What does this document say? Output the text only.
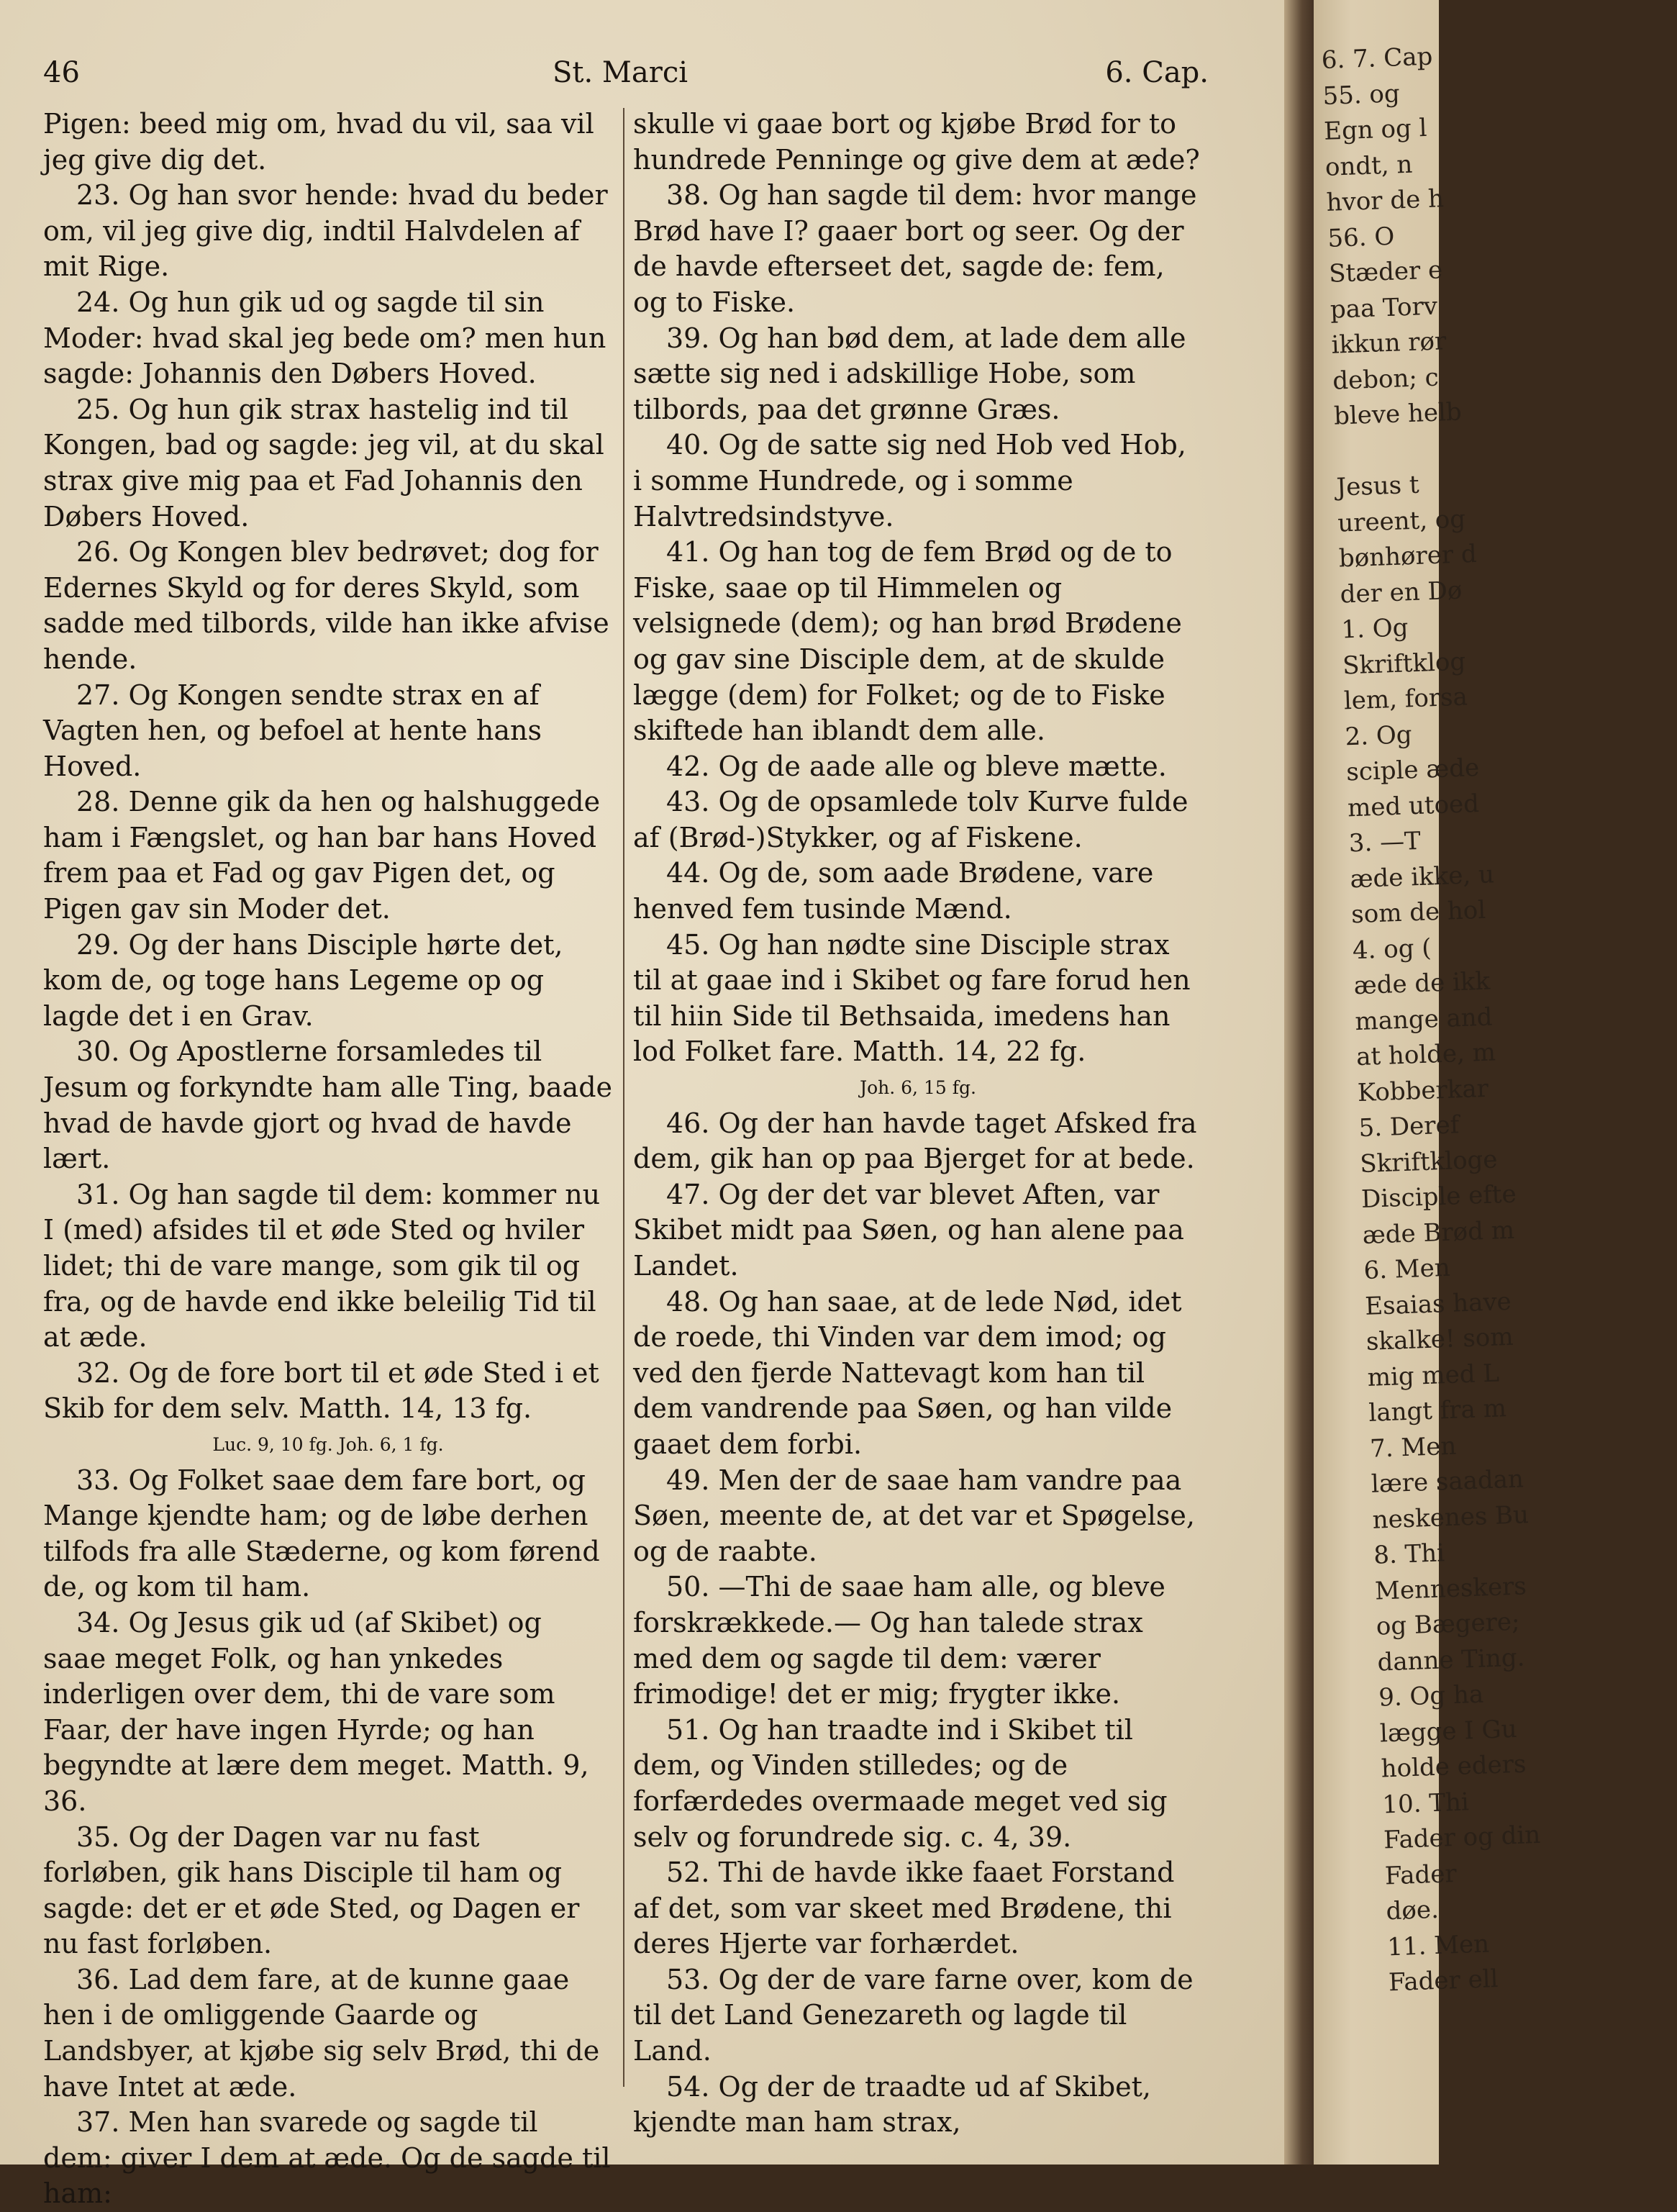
46	St. Marci	6. Cap.

Pigen: beed mig om, hvad du vil, saa vil jeg give dig det.

23. Og han svor hende: hvad du beder om, vil jeg give dig, indtil Halvdelen af mit Rige.

24. Og hun gik ud og sagde til sin Moder: hvad skal jeg bede om? men hun sagde: Johannis den Døbers Hoved.

25. Og hun gik strax hastelig ind til Kongen, bad og sagde: jeg vil, at du skal strax give mig paa et Fad Johannis den Døbers Hoved.

26. Og Kongen blev bedrøvet; dog for Edernes Skyld og for deres Skyld, som sadde med tilbords, vilde han ikke afvise hende.

27. Og Kongen sendte strax en af Vagten hen, og befoel at hente hans Hoved.

28. Denne gik da hen og halshuggede ham i Fængslet, og han bar hans Hoved frem paa et Fad og gav Pigen det, og Pigen gav sin Moder det.

29. Og der hans Disciple hørte det, kom de, og toge hans Legeme op og lagde det i en Grav.

30. Og Apostlerne forsamledes til Jesum og forkyndte ham alle Ting, baade hvad de havde gjort og hvad de havde lært.

31. Og han sagde til dem: kommer nu I (med) afsides til et øde Sted og hviler lidet; thi de vare mange, som gik til og fra, og de havde end ikke beleilig Tid til at æde.

32. Og de fore bort til et øde Sted i et Skib for dem selv. Matth. 14, 13 fg.

Luc. 9, 10 fg. Joh. 6, 1 fg.

33. Og Folket saae dem fare bort, og Mange kjendte ham; og de løbe derhen tilfods fra alle Stæderne, og kom førend de, og kom til ham.

34. Og Jesus gik ud (af Skibet) og saae meget Folk, og han ynkedes inderligen over dem, thi de vare som Faar, der have ingen Hyrde; og han begyndte at lære dem meget. Matth. 9, 36.

35. Og der Dagen var nu fast forløben, gik hans Disciple til ham og sagde: det er et øde Sted, og Dagen er nu fast forløben.

36. Lad dem fare, at de kunne gaae hen i de omliggende Gaarde og Landsbyer, at kjøbe sig selv Brød, thi de have Intet at æde.

37. Men han svarede og sagde til dem: giver I dem at æde. Og de sagde til ham:

skulle vi gaae bort og kjøbe Brød for to hundrede Penninge og give dem at æde?

38. Og han sagde til dem: hvor mange Brød have I? gaaer bort og seer. Og der de havde efterseet det, sagde de: fem, og to Fiske.

39. Og han bød dem, at lade dem alle sætte sig ned i adskillige Hobe, som tilbords, paa det grønne Græs.

40. Og de satte sig ned Hob ved Hob, i somme Hundrede, og i somme Halvtredsindstyve.

41. Og han tog de fem Brød og de to Fiske, saae op til Himmelen og velsignede (dem); og han brød Brødene og gav sine Disciple dem, at de skulde lægge (dem) for Folket; og de to Fiske skiftede han iblandt dem alle.

42. Og de aade alle og bleve mætte.

43. Og de opsamlede tolv Kurve fulde af (Brød-)Stykker, og af Fiskene.

44. Og de, som aade Brødene, vare henved fem tusinde Mænd.

45. Og han nødte sine Disciple strax til at gaae ind i Skibet og fare forud hen til hiin Side til Bethsaida, imedens han lod Folket fare. Matth. 14, 22 fg.

Joh. 6, 15 fg.

46. Og der han havde taget Afsked fra dem, gik han op paa Bjerget for at bede.

47. Og der det var blevet Aften, var Skibet midt paa Søen, og han alene paa Landet.

48. Og han saae, at de lede Nød, idet de roede, thi Vinden var dem imod; og ved den fjerde Nattevagt kom han til dem vandrende paa Søen, og han vilde gaaet dem forbi.

49. Men der de saae ham vandre paa Søen, meente de, at det var et Spøgelse, og de raabte.

50. —Thi de saae ham alle, og bleve forskrækkede.— Og han talede strax med dem og sagde til dem: værer frimodige! det er mig; frygter ikke.

51. Og han traadte ind i Skibet til dem, og Vinden stilledes; og de forfærdedes overmaade meget ved sig selv og forundrede sig. c. 4, 39.

52. Thi de havde ikke faaet Forstand af det, som var skeet med Brødene, thi deres Hjerte var forhærdet.

53. Og der de vare farne over, kom de til det Land Genezareth og lagde til Land.

54. Og der de traadte ud af Skibet, kjendte man ham strax,

6. 7. Cap

55. og

Egn og l

ondt, n

hvor de h

56. O

Stæder e

paa Torv

ikkun rør

debon; c

bleve helb

Jesus t

ureent, og

bønhører d

der en Dø

1. Og

Skriftklog

lem, forsa

2. Og

sciple æde

med utoed

3. —T

æde ikke, u

som de hol

4. og (

æde de ikk

mange and

at holde, m

Kobberkar

5. Deref

Skriftkloge

Disciple efte

æde Brød m

6. Men

Esaias have

skalke! som

mig med L

langt fra m

7. Men

lære saadan

neskenes Bu

8. Thi

Menneskers

og Bægere;

danne Ting.

9. Og ha

lægge I Gu

holde eders

10. Thi

Fader og din

Fader

døe.

11. Men

Fader ell
